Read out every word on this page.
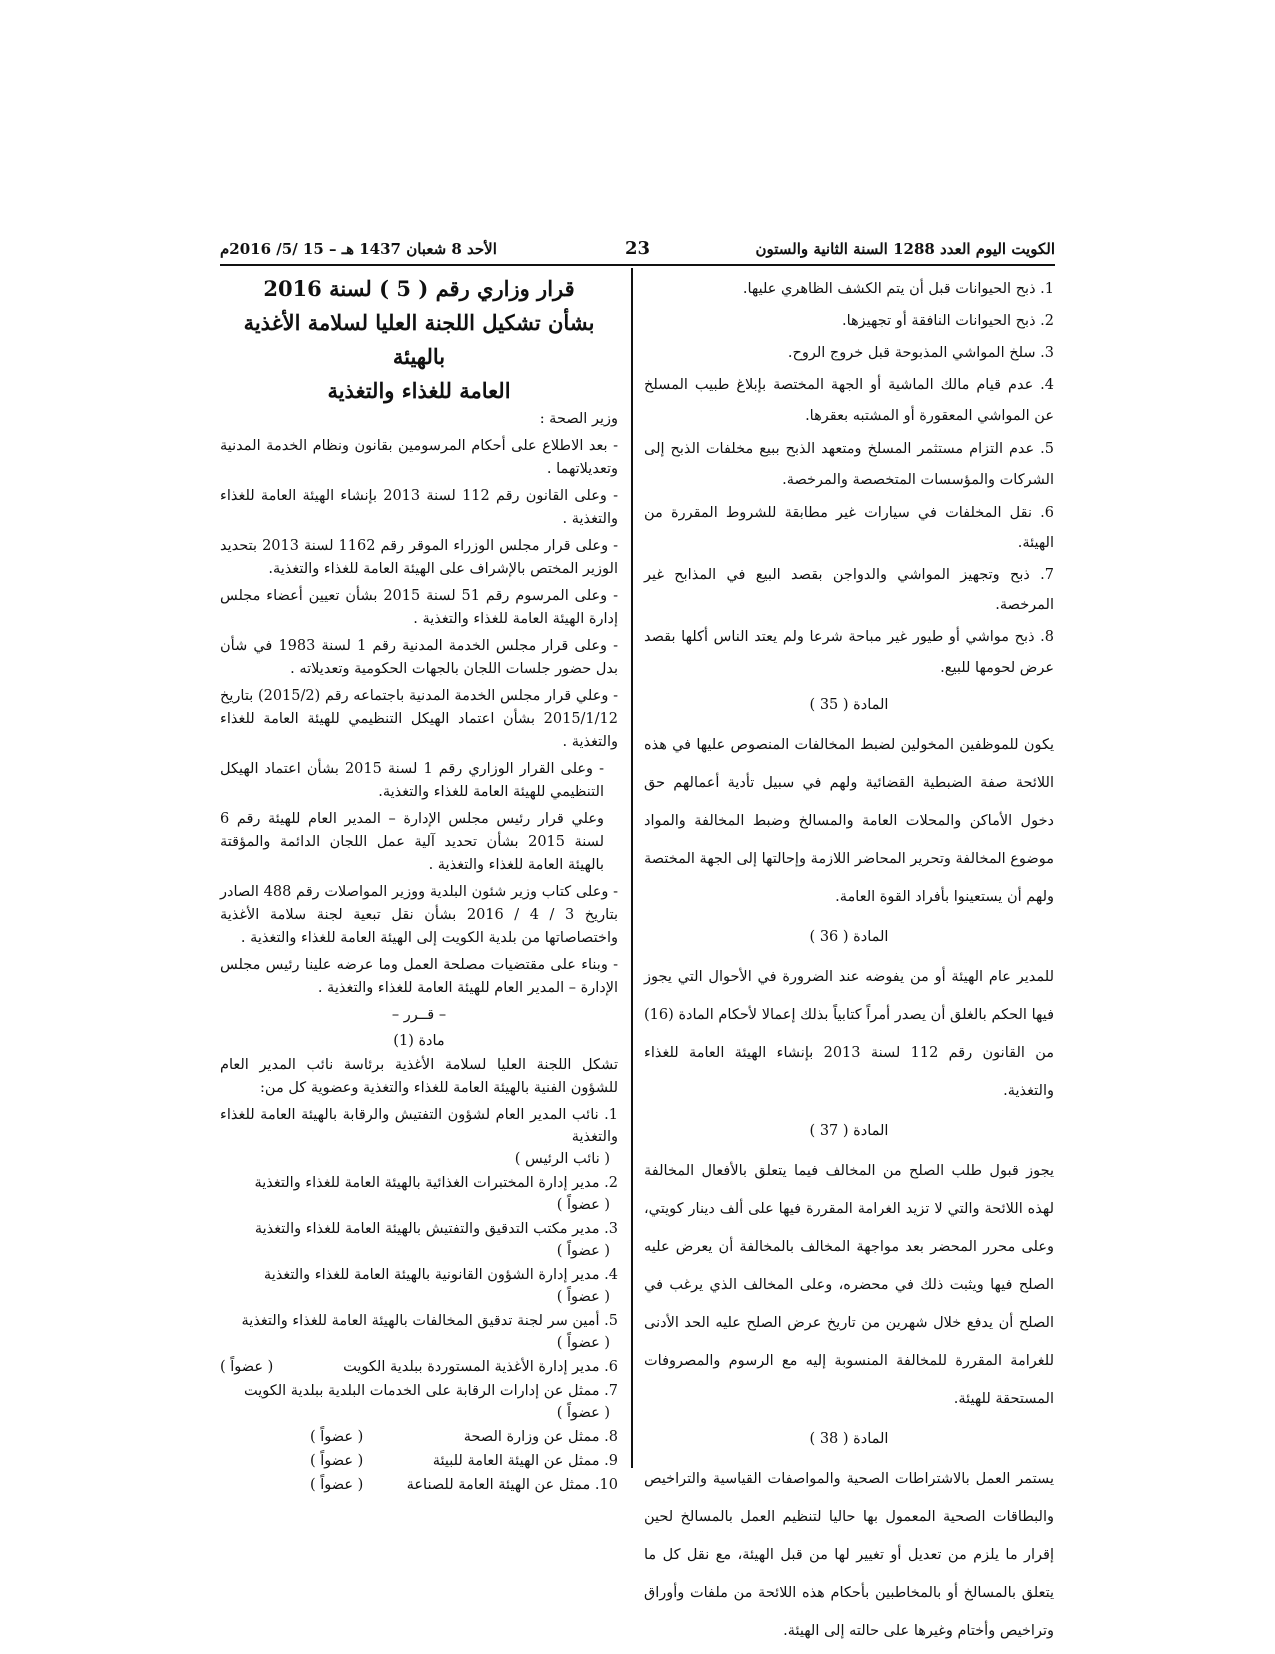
الكويت اليوم العدد 1288 السنة الثانية والستون
23
الأحد 8 شعبان 1437 هـ – 15 /5/ 2016م

1. ذبح الحيوانات قبل أن يتم الكشف الظاهري عليها.

2. ذبح الحيوانات النافقة أو تجهيزها.

3. سلخ المواشي المذبوحة قبل خروج الروح.

4. عدم قيام مالك الماشية أو الجهة المختصة بإبلاغ طبيب المسلخ عن المواشي المعقورة أو المشتبه بعقرها.

5. عدم التزام مستثمر المسلخ ومتعهد الذبح ببيع مخلفات الذبح إلى الشركات والمؤسسات المتخصصة والمرخصة.

6. نقل المخلفات في سيارات غير مطابقة للشروط المقررة من الهيئة.

7. ذبح وتجهيز المواشي والدواجن بقصد البيع في المذابح غير المرخصة.

8. ذبح مواشي أو طيور غير مباحة شرعا ولم يعتد الناس أكلها بقصد عرض لحومها للبيع.

المادة ( 35 )

يكون للموظفين المخولين لضبط المخالفات المنصوص عليها في هذه اللائحة صفة الضبطية القضائية ولهم في سبيل تأدية أعمالهم حق دخول الأماكن والمحلات العامة والمسالخ وضبط المخالفة والمواد موضوع المخالفة وتحرير المحاضر اللازمة وإحالتها إلى الجهة المختصة ولهم أن يستعينوا بأفراد القوة العامة.

المادة ( 36 )

للمدير عام الهيئة أو من يفوضه عند الضرورة في الأحوال التي يجوز فيها الحكم بالغلق أن يصدر أمراً كتابياً بذلك إعمالا لأحكام المادة (16) من القانون رقم 112 لسنة 2013 بإنشاء الهيئة العامة للغذاء والتغذية.

المادة ( 37 )

يجوز قبول طلب الصلح من المخالف فيما يتعلق بالأفعال المخالفة لهذه اللائحة والتي لا تزيد الغرامة المقررة فيها على ألف دينار كويتي، وعلى محرر المحضر بعد مواجهة المخالف بالمخالفة أن يعرض عليه الصلح فيها ويثبت ذلك في محضره، وعلى المخالف الذي يرغب في الصلح أن يدفع خلال شهرين من تاريخ عرض الصلح عليه الحد الأدنى للغرامة المقررة للمخالفة المنسوبة إليه مع الرسوم والمصروفات المستحقة للهيئة.

المادة ( 38 )

يستمر العمل بالاشتراطات الصحية والمواصفات القياسية والتراخيص والبطاقات الصحية المعمول بها حاليا لتنظيم العمل بالمسالخ لحين إقرار ما يلزم من تعديل أو تغيير لها من قبل الهيئة، مع نقل كل ما يتعلق بالمسالخ أو بالمخاطبين بأحكام هذه اللائحة من ملفات وأوراق وتراخيص وأختام وغيرها على حالته إلى الهيئة.

قرار وزاري رقم ( 5 ) لسنة 2016

بشأن تشكيل اللجنة العليا لسلامة الأغذية بالهيئة

العامة للغذاء والتغذية

وزير الصحة :

- بعد الاطلاع على أحكام المرسومين بقانون ونظام الخدمة المدنية وتعديلاتهما .

- وعلى القانون رقم 112 لسنة 2013 بإنشاء الهيئة العامة للغذاء والتغذية .

- وعلى قرار مجلس الوزراء الموقر رقم 1162 لسنة 2013 بتحديد الوزير المختص بالإشراف على الهيئة العامة للغذاء والتغذية.

- وعلى المرسوم رقم 51 لسنة 2015 بشأن تعيين أعضاء مجلس إدارة الهيئة العامة للغذاء والتغذية .

- وعلى قرار مجلس الخدمة المدنية رقم 1 لسنة 1983 في شأن بدل حضور جلسات اللجان بالجهات الحكومية وتعديلاته .

- وعلي قرار مجلس الخدمة المدنية باجتماعه رقم (2015/2) بتاريخ 2015/1/12 بشأن اعتماد الهيكل التنظيمي للهيئة العامة للغذاء والتغذية .

- وعلى القرار الوزاري رقم 1 لسنة 2015 بشأن اعتماد الهيكل التنظيمي للهيئة العامة للغذاء والتغذية.

وعلي قرار رئيس مجلس الإدارة – المدير العام للهيئة رقم 6 لسنة 2015 بشأن تحديد آلية عمل اللجان الدائمة والمؤقتة بالهيئة العامة للغذاء والتغذية .

- وعلى كتاب وزير شئون البلدية ووزير المواصلات رقم 488 الصادر بتاريخ 3 / 4 / 2016 بشأن نقل تبعية لجنة سلامة الأغذية واختصاصاتها من بلدية الكويت إلى الهيئة العامة للغذاء والتغذية .

- وبناء على مقتضيات مصلحة العمل وما عرضه علينا رئيس مجلس الإدارة – المدير العام للهيئة العامة للغذاء والتغذية .

– قــرر –

مادة (1)

تشكل اللجنة العليا لسلامة الأغذية برئاسة نائب المدير العام للشؤون الفنية بالهيئة العامة للغذاء والتغذية وعضوية كل من:

1. نائب المدير العام لشؤون التفتيش والرقابة بالهيئة العامة للغذاء والتغذية
( نائب الرئيس )
2. مدير إدارة المختبرات الغذائية بالهيئة العامة للغذاء والتغذية
( عضواً )
3. مدير مكتب التدقيق والتفتيش بالهيئة العامة للغذاء والتغذية
( عضواً )
4. مدير إدارة الشؤون القانونية بالهيئة العامة للغذاء والتغذية
( عضواً )
5. أمين سر لجنة تدقيق المخالفات بالهيئة العامة للغذاء والتغذية
( عضواً )
6. مدير إدارة الأغذية المستوردة ببلدية الكويت
( عضواً )
7. ممثل عن إدارات الرقابة على الخدمات البلدية ببلدية الكويت
( عضواً )
8. ممثل عن وزارة الصحة
( عضواً )
9. ممثل عن الهيئة العامة للبيئة
( عضواً )
10. ممثل عن الهيئة العامة للصناعة
( عضواً )
